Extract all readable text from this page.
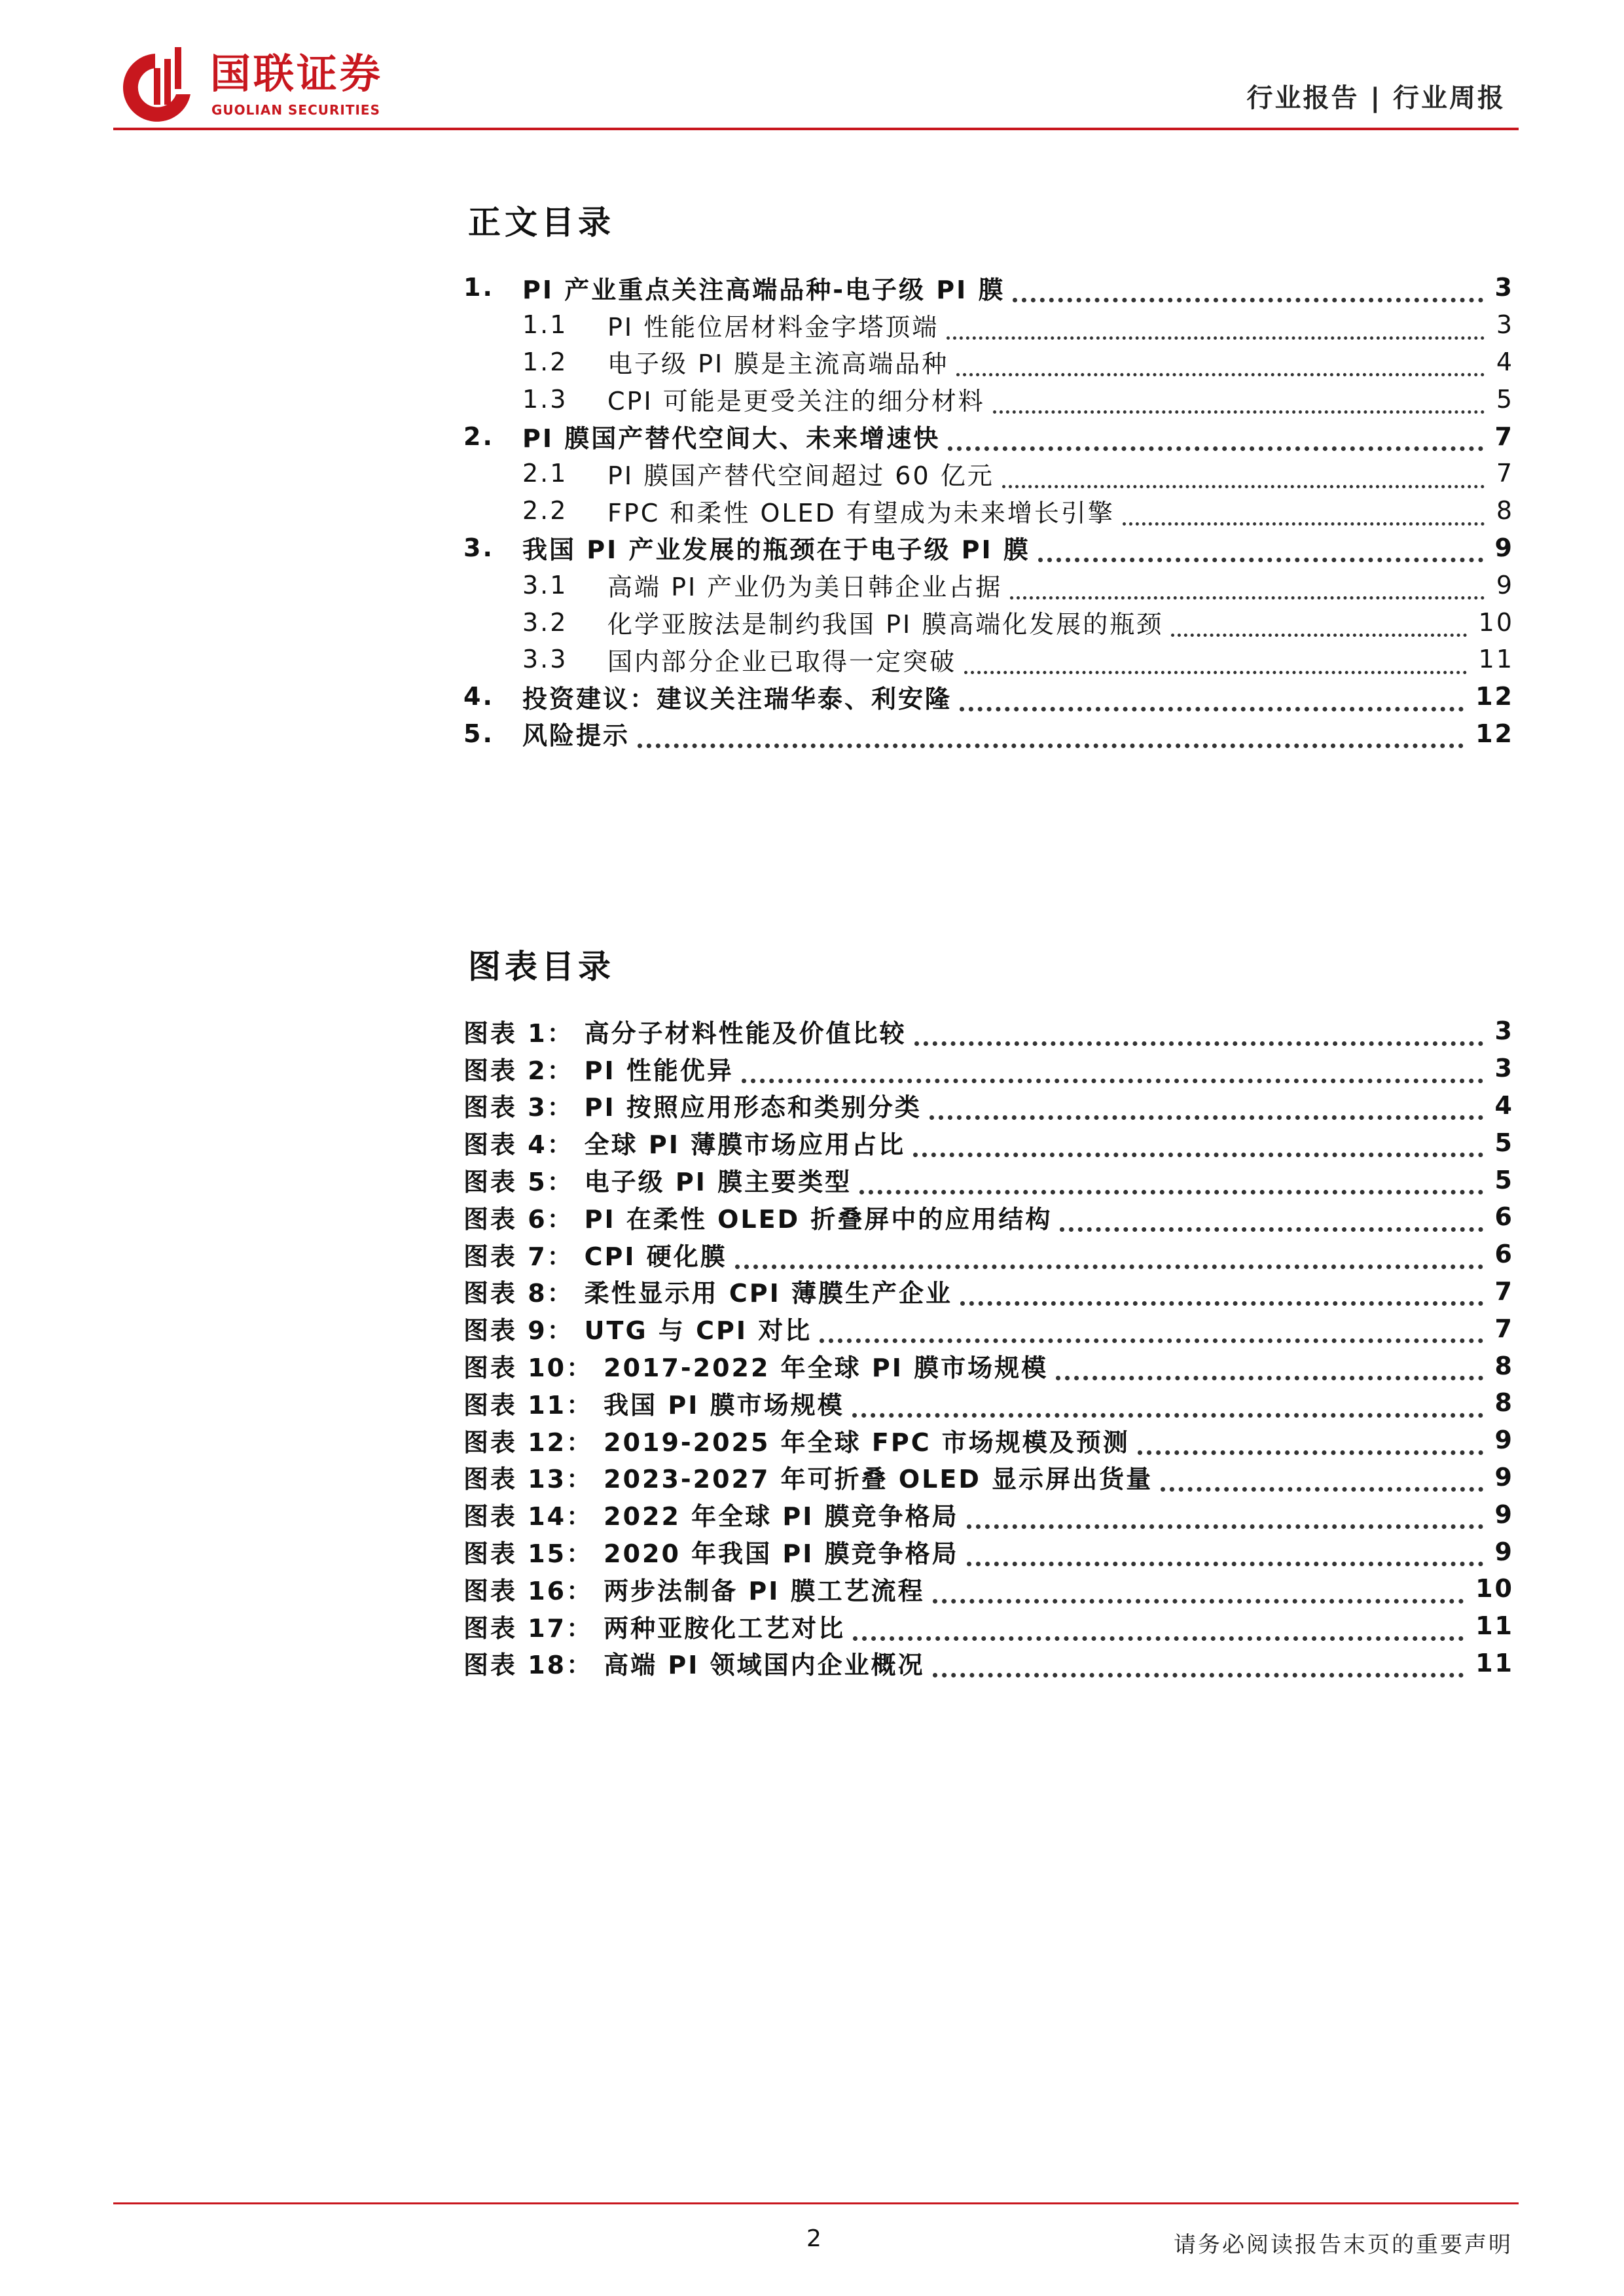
国联证券
GUOLIAN SECURITIES	行业报告 | 行业周报
正文目录
1.	PI 产业重点关注高端品种-电子级 PI 膜	3
1.1	PI 性能位居材料金字塔顶端	3
1.2	电子级 PI 膜是主流高端品种	4
1.3	CPI 可能是更受关注的细分材料	5
2.	PI 膜国产替代空间大、未来增速快	7
2.1	PI 膜国产替代空间超过 60 亿元	7
2.2	FPC 和柔性 OLED 有望成为未来增长引擎	8
3.	我国 PI 产业发展的瓶颈在于电子级 PI 膜	9
3.1	高端 PI 产业仍为美日韩企业占据	9
3.2	化学亚胺法是制约我国 PI 膜高端化发展的瓶颈	10
3.3	国内部分企业已取得一定突破	11
4.	投资建议：建议关注瑞华泰、利安隆	12
5.	风险提示	12
图表目录
图表 1： 高分子材料性能及价值比较	3
图表 2： PI 性能优异	3
图表 3： PI 按照应用形态和类别分类	4
图表 4： 全球 PI 薄膜市场应用占比	5
图表 5： 电子级 PI 膜主要类型	5
图表 6： PI 在柔性 OLED 折叠屏中的应用结构	6
图表 7： CPI 硬化膜	6
图表 8： 柔性显示用 CPI 薄膜生产企业	7
图表 9： UTG 与 CPI 对比	7
图表 10： 2017-2022 年全球 PI 膜市场规模	8
图表 11： 我国 PI 膜市场规模	8
图表 12： 2019-2025 年全球 FPC 市场规模及预测	9
图表 13： 2023-2027 年可折叠 OLED 显示屏出货量	9
图表 14： 2022 年全球 PI 膜竞争格局	9
图表 15： 2020 年我国 PI 膜竞争格局	9
图表 16： 两步法制备 PI 膜工艺流程	10
图表 17： 两种亚胺化工艺对比	11
图表 18： 高端 PI 领域国内企业概况	11
2	请务必阅读报告末页的重要声明
